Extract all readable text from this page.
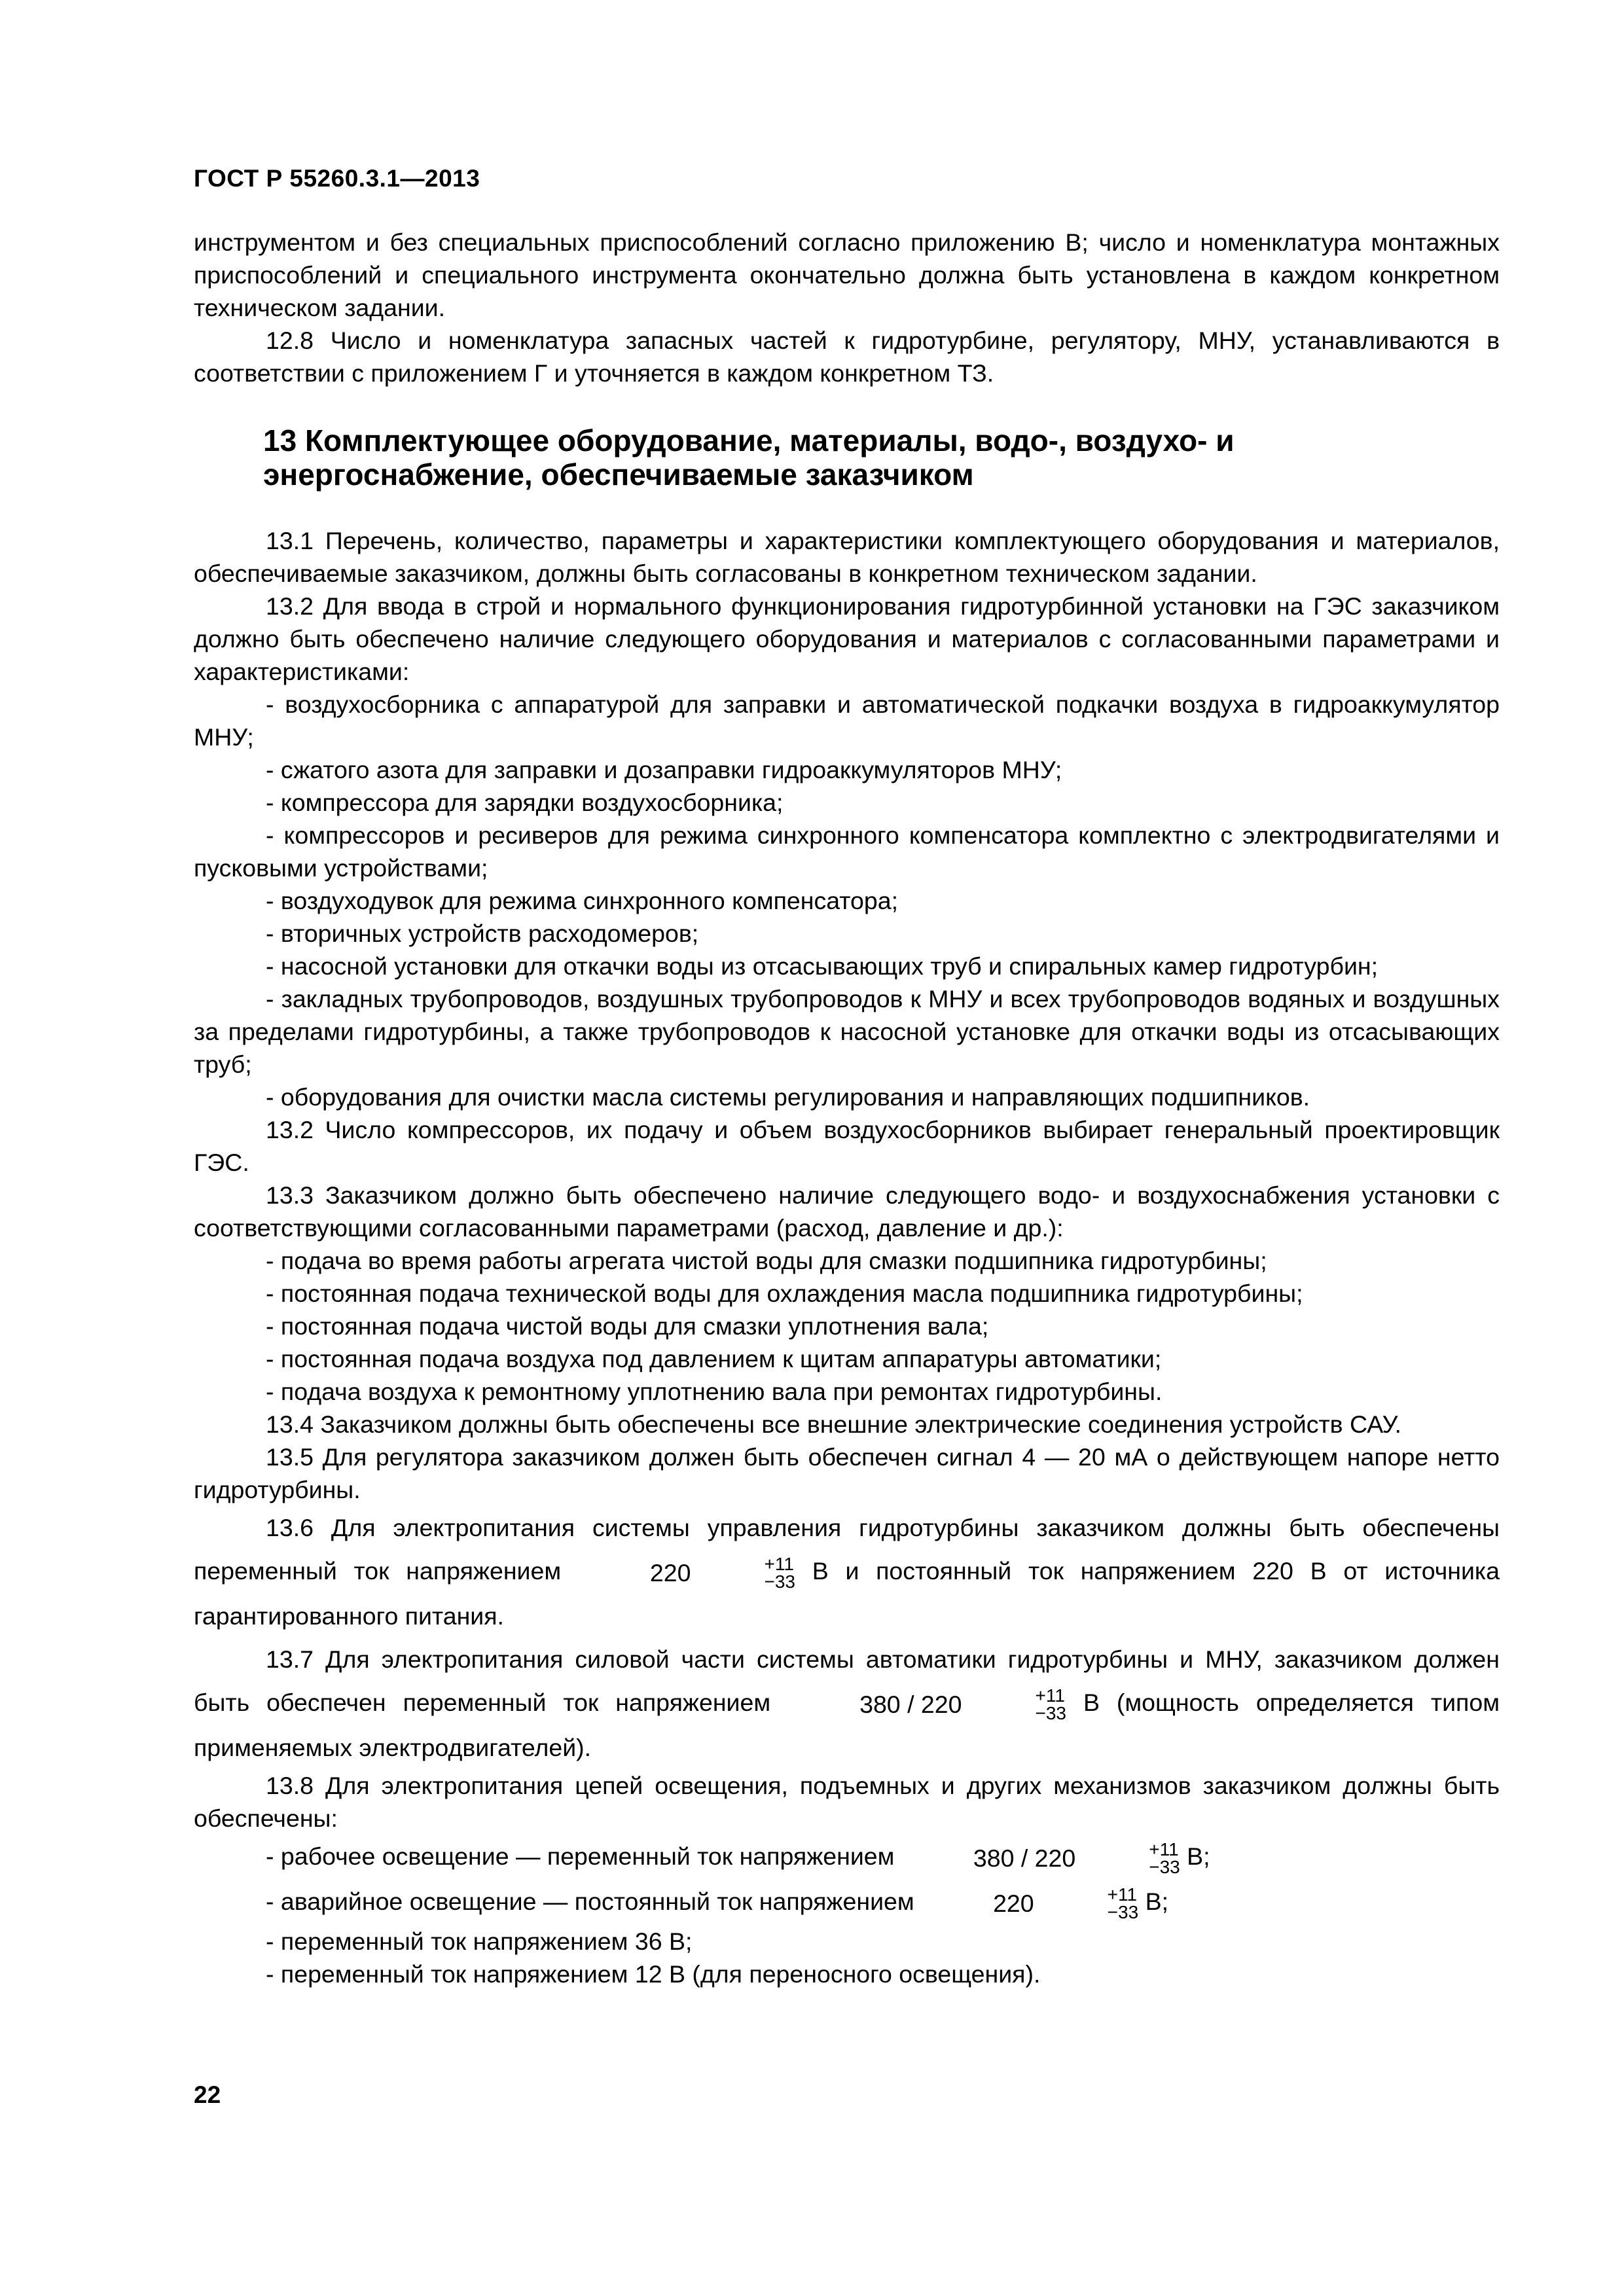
ГОСТ Р 55260.3.1—2013

инструментом и без специальных приспособлений согласно приложению В; число и номенклатура монтажных приспособлений и специального инструмента окончательно должна быть установлена в каждом конкретном техническом задании.

12.8 Число и номенклатура запасных частей к гидротурбине, регулятору, МНУ, устанавливаются в соответствии с приложением Г и уточняется в каждом конкретном ТЗ.

13 Комплектующее оборудование, материалы, водо-, воздухо- и энергоснабжение, обеспечиваемые заказчиком

13.1 Перечень, количество, параметры и характеристики комплектующего оборудования и материалов, обеспечиваемые заказчиком, должны быть согласованы в конкретном техническом задании.

13.2 Для ввода в строй и нормального функционирования гидротурбинной установки на ГЭС заказчиком должно быть обеспечено наличие следующего оборудования и материалов с согласованными параметрами и характеристиками:

- воздухосборника с аппаратурой для заправки и автоматической подкачки воздуха в гидроаккумулятор МНУ;

- сжатого азота для заправки и дозаправки гидроаккумуляторов МНУ;

- компрессора для зарядки воздухосборника;

- компрессоров и ресиверов для режима синхронного компенсатора комплектно с электродвигателями и пусковыми устройствами;

- воздуходувок для режима синхронного компенсатора;

- вторичных устройств расходомеров;

- насосной установки для откачки воды из отсасывающих труб и спиральных камер гидротурбин;

- закладных трубопроводов, воздушных трубопроводов к МНУ и всех трубопроводов водяных и воздушных за пределами гидротурбины, а также трубопроводов к насосной установке для откачки воды из отсасывающих труб;

- оборудования для очистки масла системы регулирования и направляющих подшипников.

13.2 Число компрессоров, их подачу и объем воздухосборников выбирает генеральный проектировщик ГЭС.

13.3 Заказчиком должно быть обеспечено наличие следующего водо- и воздухоснабжения установки с соответствующими согласованными параметрами (расход, давление и др.):

- подача во время работы агрегата чистой воды для смазки подшипника гидротурбины;

- постоянная подача технической воды для охлаждения масла подшипника гидротурбины;

- постоянная подача чистой воды для смазки уплотнения вала;

- постоянная подача воздуха под давлением к щитам аппаратуры автоматики;

- подача воздуха к ремонтному уплотнению вала при ремонтах гидротурбины.

13.4 Заказчиком должны быть обеспечены все внешние электрические соединения устройств САУ.

13.5 Для регулятора заказчиком должен быть обеспечен сигнал 4 — 20 мА о действующем напоре нетто гидротурбины.

13.6 Для электропитания системы управления гидротурбины заказчиком должны быть обеспечены переменный ток напряжением	220	+11
−33 В и постоянный ток напряжением 220 В от источника гарантированного питания.

13.7 Для электропитания силовой части системы автоматики гидротурбины и МНУ, заказчиком должен быть обеспечен переменный ток напряжением	380 / 220	+11
−33 В (мощность определяется типом применяемых электродвигателей).

13.8 Для электропитания цепей освещения, подъемных и других механизмов заказчиком должны быть обеспечены:

- рабочее освещение — переменный ток напряжением	380 / 220	+11
−33 В;

- аварийное освещение — постоянный ток напряжением	220	+11
−33 В;

- переменный ток напряжением 36 В;

- переменный ток напряжением 12 В (для переносного освещения).

22
